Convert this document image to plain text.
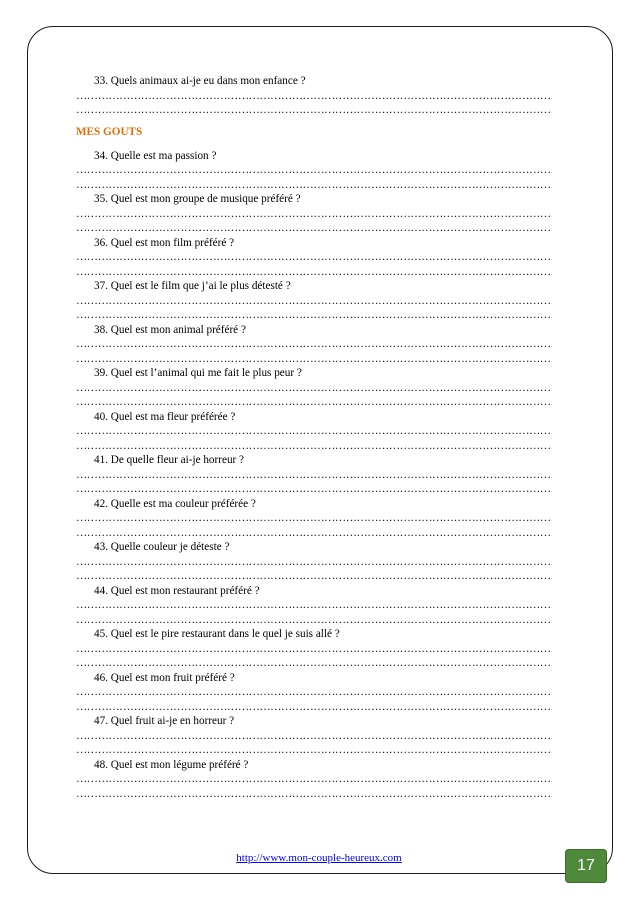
33. Quels animaux ai-je eu dans mon enfance ?
………………………………………………………………………………………………………………………………………………………………………………………………………
………………………………………………………………………………………………………………………………………………………………………………………………………
MES GOUTS
34. Quelle est ma passion ?
………………………………………………………………………………………………………………………………………………………………………………………………………
………………………………………………………………………………………………………………………………………………………………………………………………………
35. Quel est mon groupe de musique préféré ?
………………………………………………………………………………………………………………………………………………………………………………………………………
………………………………………………………………………………………………………………………………………………………………………………………………………
36. Quel est mon film préféré ?
………………………………………………………………………………………………………………………………………………………………………………………………………
………………………………………………………………………………………………………………………………………………………………………………………………………
37. Quel est le film que j’ai le plus détesté ?
………………………………………………………………………………………………………………………………………………………………………………………………………
………………………………………………………………………………………………………………………………………………………………………………………………………
38. Quel est mon animal préféré ?
………………………………………………………………………………………………………………………………………………………………………………………………………
………………………………………………………………………………………………………………………………………………………………………………………………………
39. Quel est l’animal qui me fait le plus peur ?
………………………………………………………………………………………………………………………………………………………………………………………………………
………………………………………………………………………………………………………………………………………………………………………………………………………
40. Quel est ma fleur préférée ?
………………………………………………………………………………………………………………………………………………………………………………………………………
………………………………………………………………………………………………………………………………………………………………………………………………………
41. De quelle fleur ai-je horreur ?
………………………………………………………………………………………………………………………………………………………………………………………………………
………………………………………………………………………………………………………………………………………………………………………………………………………
42. Quelle est ma couleur préférée ?
………………………………………………………………………………………………………………………………………………………………………………………………………
………………………………………………………………………………………………………………………………………………………………………………………………………
43. Quelle couleur je déteste ?
………………………………………………………………………………………………………………………………………………………………………………………………………
………………………………………………………………………………………………………………………………………………………………………………………………………
44. Quel est mon restaurant préféré ?
………………………………………………………………………………………………………………………………………………………………………………………………………
………………………………………………………………………………………………………………………………………………………………………………………………………
45. Quel est le pire restaurant dans le quel je suis allé ?
………………………………………………………………………………………………………………………………………………………………………………………………………
………………………………………………………………………………………………………………………………………………………………………………………………………
46. Quel est mon fruit préféré ?
………………………………………………………………………………………………………………………………………………………………………………………………………
………………………………………………………………………………………………………………………………………………………………………………………………………
47. Quel fruit ai-je en horreur ?
………………………………………………………………………………………………………………………………………………………………………………………………………
………………………………………………………………………………………………………………………………………………………………………………………………………
48. Quel est mon légume préféré ?
………………………………………………………………………………………………………………………………………………………………………………………………………
………………………………………………………………………………………………………………………………………………………………………………………………………
http://www.mon-couple-heureux.com	17
